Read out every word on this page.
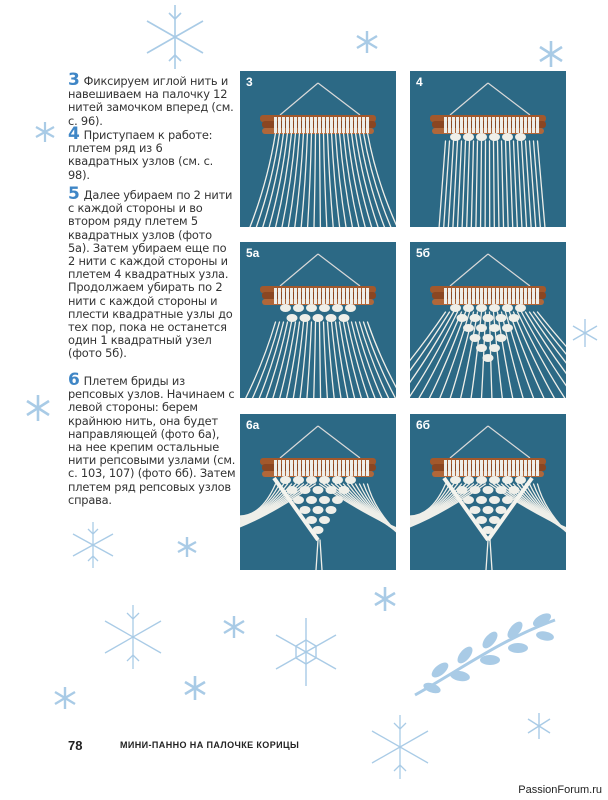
3 Фиксируем иглой нить и навешиваем на палочку 12 нитей замочком вперед (см. с. 96).
4 Приступаем к работе: плетем ряд из 6 квадратных узлов (см. с. 98).
5 Далее убираем по 2 нити с каждой стороны и во втором ряду плетем 5 квадратных узлов (фото 5а). Затем убираем еще по 2 нити с каждой стороны и плетем 4 квадратных узла. Продолжаем убирать по 2 нити с каждой стороны и плести квадратные узлы до тех пор, пока не останется один 1 квадратный узел (фото 5б).
6 Плетем бриды из репсовых узлов. Начинаем с левой стороны: берем крайнюю нить, она будет направляющей (фото 6а), на нее крепим остальные нити репсовыми узлами (см. с. 103, 107) (фото 6б). Затем плетем ряд репсовых узлов справа.
3	4
5а	5б
6а	6б
78	МИНИ-ПАННО НА ПАЛОЧКЕ КОРИЦЫ
PassionForum.ru
